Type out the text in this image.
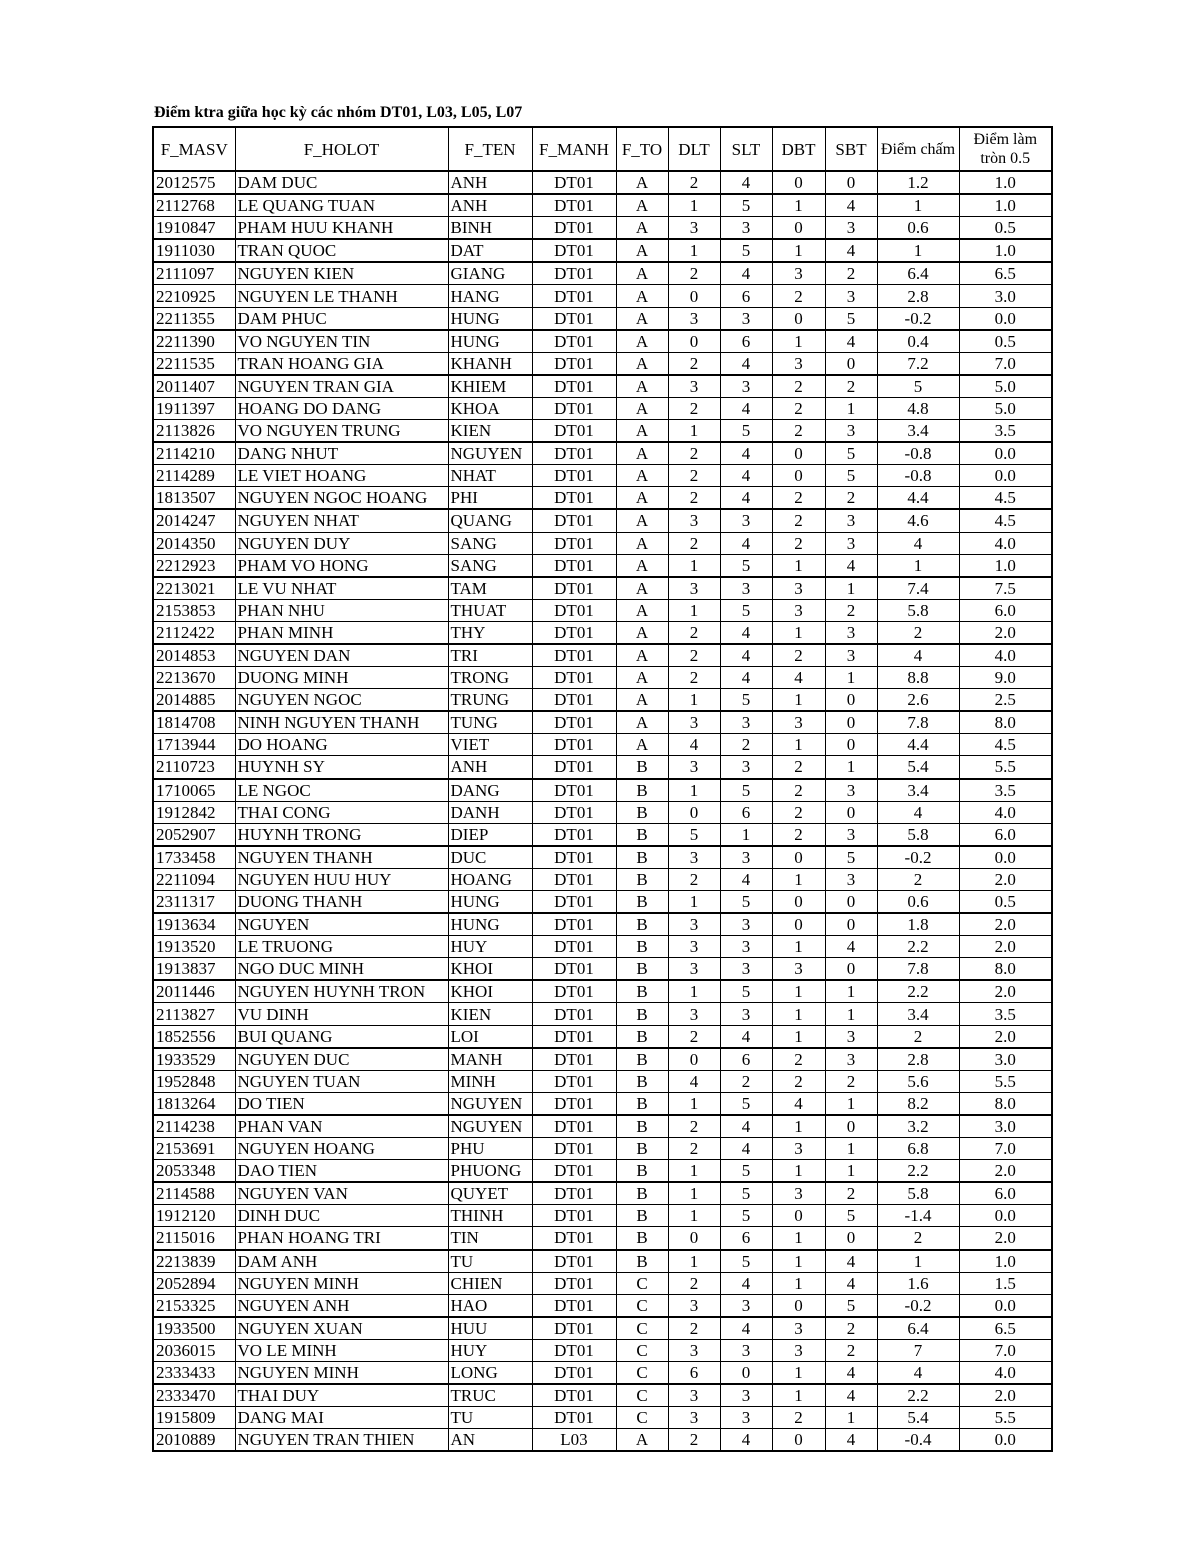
Điểm ktra giữa học kỳ các nhóm DT01, L03, L05, L07
F_MASV	F_HOLOT	F_TEN	F_MANH	F_TO	DLT	SLT	DBT	SBT	Điểm chấm	Điểm làm tròn 0.5
2012575	DAM DUC	ANH	DT01	A	2	4	0	0	1.2	1.0
2112768	LE QUANG TUAN	ANH	DT01	A	1	5	1	4	1	1.0
1910847	PHAM HUU KHANH	BINH	DT01	A	3	3	0	3	0.6	0.5
1911030	TRAN QUOC	DAT	DT01	A	1	5	1	4	1	1.0
2111097	NGUYEN KIEN	GIANG	DT01	A	2	4	3	2	6.4	6.5
2210925	NGUYEN LE THANH	HANG	DT01	A	0	6	2	3	2.8	3.0
2211355	DAM PHUC	HUNG	DT01	A	3	3	0	5	-0.2	0.0
2211390	VO NGUYEN TIN	HUNG	DT01	A	0	6	1	4	0.4	0.5
2211535	TRAN HOANG GIA	KHANH	DT01	A	2	4	3	0	7.2	7.0
2011407	NGUYEN TRAN GIA	KHIEM	DT01	A	3	3	2	2	5	5.0
1911397	HOANG DO DANG	KHOA	DT01	A	2	4	2	1	4.8	5.0
2113826	VO NGUYEN TRUNG	KIEN	DT01	A	1	5	2	3	3.4	3.5
2114210	DANG NHUT	NGUYEN	DT01	A	2	4	0	5	-0.8	0.0
2114289	LE VIET HOANG	NHAT	DT01	A	2	4	0	5	-0.8	0.0
1813507	NGUYEN NGOC HOANG	PHI	DT01	A	2	4	2	2	4.4	4.5
2014247	NGUYEN NHAT	QUANG	DT01	A	3	3	2	3	4.6	4.5
2014350	NGUYEN DUY	SANG	DT01	A	2	4	2	3	4	4.0
2212923	PHAM VO HONG	SANG	DT01	A	1	5	1	4	1	1.0
2213021	LE VU NHAT	TAM	DT01	A	3	3	3	1	7.4	7.5
2153853	PHAN NHU	THUAT	DT01	A	1	5	3	2	5.8	6.0
2112422	PHAN MINH	THY	DT01	A	2	4	1	3	2	2.0
2014853	NGUYEN DAN	TRI	DT01	A	2	4	2	3	4	4.0
2213670	DUONG MINH	TRONG	DT01	A	2	4	4	1	8.8	9.0
2014885	NGUYEN NGOC	TRUNG	DT01	A	1	5	1	0	2.6	2.5
1814708	NINH NGUYEN THANH	TUNG	DT01	A	3	3	3	0	7.8	8.0
1713944	DO HOANG	VIET	DT01	A	4	2	1	0	4.4	4.5
2110723	HUYNH SY	ANH	DT01	B	3	3	2	1	5.4	5.5
1710065	LE NGOC	DANG	DT01	B	1	5	2	3	3.4	3.5
1912842	THAI CONG	DANH	DT01	B	0	6	2	0	4	4.0
2052907	HUYNH TRONG	DIEP	DT01	B	5	1	2	3	5.8	6.0
1733458	NGUYEN THANH	DUC	DT01	B	3	3	0	5	-0.2	0.0
2211094	NGUYEN HUU HUY	HOANG	DT01	B	2	4	1	3	2	2.0
2311317	DUONG THANH	HUNG	DT01	B	1	5	0	0	0.6	0.5
1913634	NGUYEN	HUNG	DT01	B	3	3	0	0	1.8	2.0
1913520	LE TRUONG	HUY	DT01	B	3	3	1	4	2.2	2.0
1913837	NGO DUC MINH	KHOI	DT01	B	3	3	3	0	7.8	8.0
2011446	NGUYEN HUYNH TRON	KHOI	DT01	B	1	5	1	1	2.2	2.0
2113827	VU DINH	KIEN	DT01	B	3	3	1	1	3.4	3.5
1852556	BUI QUANG	LOI	DT01	B	2	4	1	3	2	2.0
1933529	NGUYEN DUC	MANH	DT01	B	0	6	2	3	2.8	3.0
1952848	NGUYEN TUAN	MINH	DT01	B	4	2	2	2	5.6	5.5
1813264	DO TIEN	NGUYEN	DT01	B	1	5	4	1	8.2	8.0
2114238	PHAN VAN	NGUYEN	DT01	B	2	4	1	0	3.2	3.0
2153691	NGUYEN HOANG	PHU	DT01	B	2	4	3	1	6.8	7.0
2053348	DAO TIEN	PHUONG	DT01	B	1	5	1	1	2.2	2.0
2114588	NGUYEN VAN	QUYET	DT01	B	1	5	3	2	5.8	6.0
1912120	DINH DUC	THINH	DT01	B	1	5	0	5	-1.4	0.0
2115016	PHAN HOANG TRI	TIN	DT01	B	0	6	1	0	2	2.0
2213839	DAM ANH	TU	DT01	B	1	5	1	4	1	1.0
2052894	NGUYEN MINH	CHIEN	DT01	C	2	4	1	4	1.6	1.5
2153325	NGUYEN ANH	HAO	DT01	C	3	3	0	5	-0.2	0.0
1933500	NGUYEN XUAN	HUU	DT01	C	2	4	3	2	6.4	6.5
2036015	VO LE MINH	HUY	DT01	C	3	3	3	2	7	7.0
2333433	NGUYEN MINH	LONG	DT01	C	6	0	1	4	4	4.0
2333470	THAI DUY	TRUC	DT01	C	3	3	1	4	2.2	2.0
1915809	DANG MAI	TU	DT01	C	3	3	2	1	5.4	5.5
2010889	NGUYEN TRAN THIEN	AN	L03	A	2	4	0	4	-0.4	0.0
